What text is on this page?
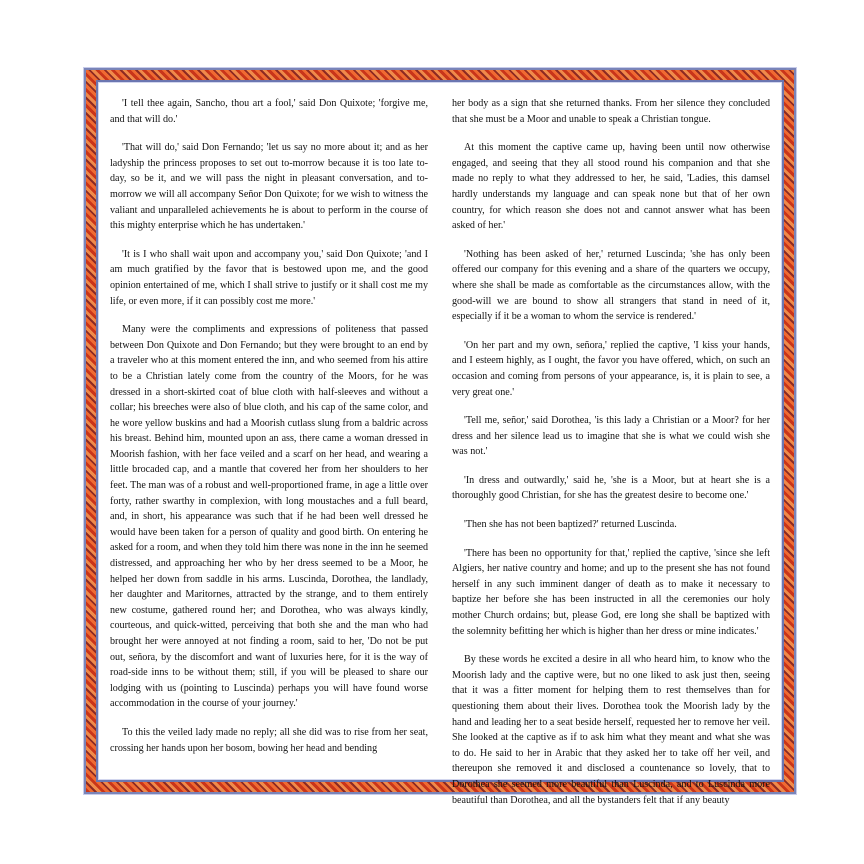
'I tell thee again, Sancho, thou art a fool,' said Don Quixote; 'forgive me, and that will do.'

'That will do,' said Don Fernando; 'let us say no more about it; and as her ladyship the princess proposes to set out to-morrow because it is too late to-day, so be it, and we will pass the night in pleasant conversation, and to-morrow we will all accompany Señor Don Quixote; for we wish to witness the valiant and unparalleled achievements he is about to perform in the course of this mighty enterprise which he has undertaken.'

'It is I who shall wait upon and accompany you,' said Don Quixote; 'and I am much gratified by the favor that is bestowed upon me, and the good opinion entertained of me, which I shall strive to justify or it shall cost me my life, or even more, if it can possibly cost me more.'

Many were the compliments and expressions of politeness that passed between Don Quixote and Don Fernando; but they were brought to an end by a traveler who at this moment entered the inn, and who seemed from his attire to be a Christian lately come from the country of the Moors, for he was dressed in a short-skirted coat of blue cloth with half-sleeves and without a collar; his breeches were also of blue cloth, and his cap of the same color, and he wore yellow buskins and had a Moorish cutlass slung from a baldric across his breast. Behind him, mounted upon an ass, there came a woman dressed in Moorish fashion, with her face veiled and a scarf on her head, and wearing a little brocaded cap, and a mantle that covered her from her shoulders to her feet. The man was of a robust and well-proportioned frame, in age a little over forty, rather swarthy in complexion, with long moustaches and a full beard, and, in short, his appearance was such that if he had been well dressed he would have been taken for a person of quality and good birth. On entering he asked for a room, and when they told him there was none in the inn he seemed distressed, and approaching her who by her dress seemed to be a Moor, he helped her down from saddle in his arms. Luscinda, Dorothea, the landlady, her daughter and Maritornes, attracted by the strange, and to them entirely new costume, gathered round her; and Dorothea, who was always kindly, courteous, and quick-witted, perceiving that both she and the man who had brought her were annoyed at not finding a room, said to her, 'Do not be put out, señora, by the discomfort and want of luxuries here, for it is the way of road-side inns to be without them; still, if you will be pleased to share our lodging with us (pointing to Luscinda) perhaps you will have found worse accommodation in the course of your journey.'

To this the veiled lady made no reply; all she did was to rise from her seat, crossing her hands upon her bosom, bowing her head and bending

her body as a sign that she returned thanks. From her silence they concluded that she must be a Moor and unable to speak a Christian tongue.

At this moment the captive came up, having been until now otherwise engaged, and seeing that they all stood round his companion and that she made no reply to what they addressed to her, he said, 'Ladies, this damsel hardly understands my language and can speak none but that of her own country, for which reason she does not and cannot answer what has been asked of her.'

'Nothing has been asked of her,' returned Luscinda; 'she has only been offered our company for this evening and a share of the quarters we occupy, where she shall be made as comfortable as the circumstances allow, with the good-will we are bound to show all strangers that stand in need of it, especially if it be a woman to whom the service is rendered.'

'On her part and my own, señora,' replied the captive, 'I kiss your hands, and I esteem highly, as I ought, the favor you have offered, which, on such an occasion and coming from persons of your appearance, is, it is plain to see, a very great one.'

'Tell me, señor,' said Dorothea, 'is this lady a Christian or a Moor? for her dress and her silence lead us to imagine that she is what we could wish she was not.'

'In dress and outwardly,' said he, 'she is a Moor, but at heart she is a thoroughly good Christian, for she has the greatest desire to become one.'

'Then she has not been baptized?' returned Luscinda.

'There has been no opportunity for that,' replied the captive, 'since she left Algiers, her native country and home; and up to the present she has not found herself in any such imminent danger of death as to make it necessary to baptize her before she has been instructed in all the ceremonies our holy mother Church ordains; but, please God, ere long she shall be baptized with the solemnity befitting her which is higher than her dress or mine indicates.'

By these words he excited a desire in all who heard him, to know who the Moorish lady and the captive were, but no one liked to ask just then, seeing that it was a fitter moment for helping them to rest themselves than for questioning them about their lives. Dorothea took the Moorish lady by the hand and leading her to a seat beside herself, requested her to remove her veil. She looked at the captive as if to ask him what they meant and what she was to do. He said to her in Arabic that they asked her to take off her veil, and thereupon she removed it and disclosed a countenance so lovely, that to Dorothea she seemed more beautiful than Luscinda, and to Luscinda more beautiful than Dorothea, and all the bystanders felt that if any beauty
